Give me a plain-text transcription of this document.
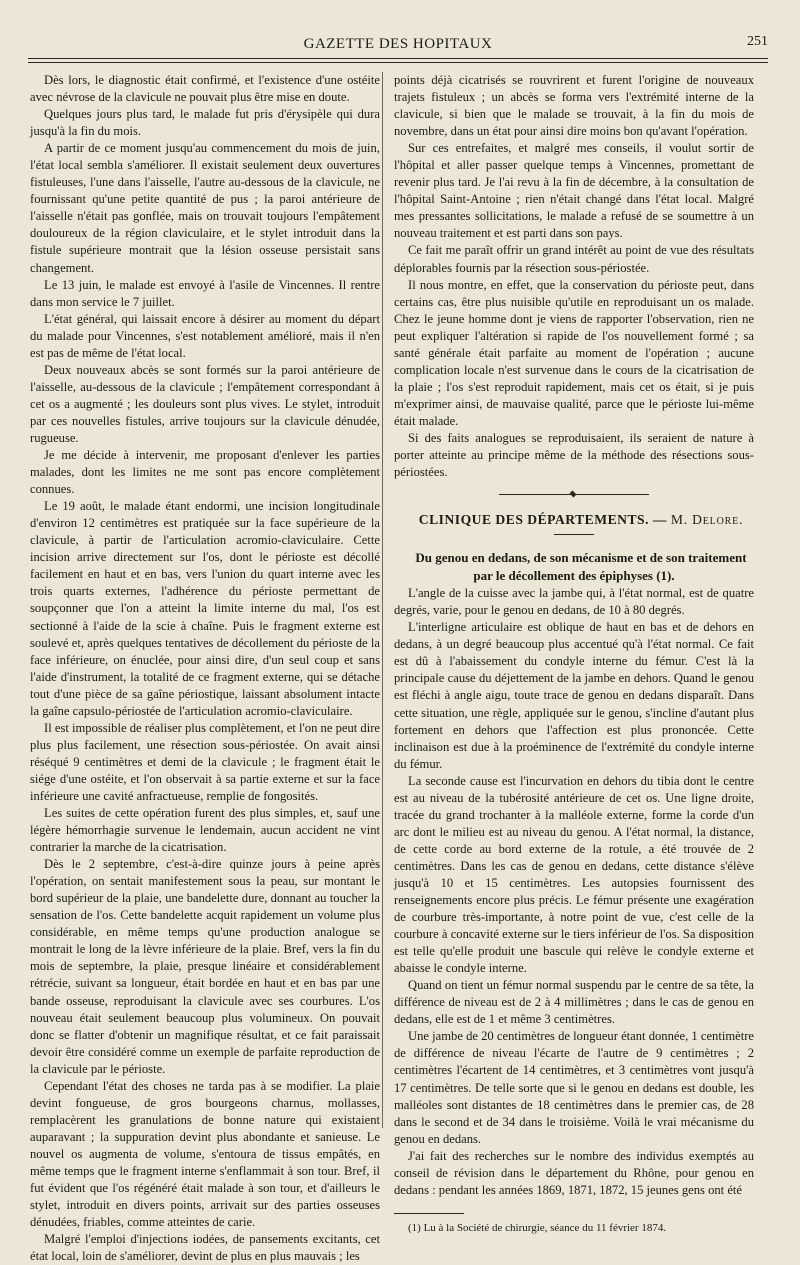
GAZETTE DES HOPITAUX	251

Dès lors, le diagnostic était confirmé, et l'existence d'une ostéite avec névrose de la clavicule ne pouvait plus être mise en doute.

Quelques jours plus tard, le malade fut pris d'érysipèle qui dura jusqu'à la fin du mois.

A partir de ce moment jusqu'au commencement du mois de juin, l'état local sembla s'améliorer. Il existait seulement deux ouvertures fistuleuses, l'une dans l'aisselle, l'autre au-dessous de la clavicule, ne fournissant qu'une petite quantité de pus ; la paroi antérieure de l'aisselle n'était pas gonflée, mais on trouvait toujours l'empâtement douloureux de la région claviculaire, et le stylet introduit dans la fistule supérieure montrait que la lésion osseuse persistait sans changement.

Le 13 juin, le malade est envoyé à l'asile de Vincennes. Il rentre dans mon service le 7 juillet.

L'état général, qui laissait encore à désirer au moment du départ du malade pour Vincennes, s'est notablement amélioré, mais il n'en est pas de même de l'état local.

Deux nouveaux abcès se sont formés sur la paroi antérieure de l'aisselle, au-dessous de la clavicule ; l'empâtement correspondant à cet os a augmenté ; les douleurs sont plus vives. Le stylet, introduit par ces nouvelles fistules, arrive toujours sur la clavicule dénudée, rugueuse.

Je me décide à intervenir, me proposant d'enlever les parties malades, dont les limites ne me sont pas encore complètement connues.

Le 19 août, le malade étant endormi, une incision longitudinale d'environ 12 centimètres est pratiquée sur la face supérieure de la clavicule, à partir de l'articulation acromio-claviculaire. Cette incision arrive directement sur l'os, dont le périoste est décollé facilement en haut et en bas, vers l'union du quart interne avec les trois quarts externes, l'adhérence du périoste permettant de soupçonner que l'on a atteint la limite interne du mal, l'os est sectionné à l'aide de la scie à chaîne. Puis le fragment externe est soulevé et, après quelques tentatives de décollement du périoste de la face inférieure, on énuclée, pour ainsi dire, d'un seul coup et sans l'aide d'instrument, la totalité de ce fragment externe, qui se détache tout d'une pièce de sa gaîne périostique, laissant absolument intacte la gaîne capsulo-périostée de l'articulation acromio-claviculaire.

Il est impossible de réaliser plus complètement, et l'on ne peut dire plus plus facilement, une résection sous-périostée. On avait ainsi réséqué 9 centimètres et demi de la clavicule ; le fragment était le siége d'une ostéite, et l'on observait à sa partie externe et sur la face inférieure une cavité anfractueuse, remplie de fongosités.

Les suites de cette opération furent des plus simples, et, sauf une légère hémorrhagie survenue le lendemain, aucun accident ne vint contrarier la marche de la cicatrisation.

Dès le 2 septembre, c'est-à-dire quinze jours à peine après l'opération, on sentait manifestement sous la peau, sur montant le bord supérieur de la plaie, une bandelette dure, donnant au toucher la sensation de l'os. Cette bandelette acquit rapidement un volume plus considérable, en même temps qu'une production analogue se montrait le long de la lèvre inférieure de la plaie. Bref, vers la fin du mois de septembre, la plaie, presque linéaire et considérablement rétrécie, suivant sa longueur, était bordée en haut et en bas par une bande osseuse, reproduisant la clavicule avec ses courbures. L'os nouveau était seulement beaucoup plus volumineux. On pouvait donc se flatter d'obtenir un magnifique résultat, et ce fait paraissait devoir être considéré comme un exemple de parfaite reproduction de la clavicule par le périoste.

Cependant l'état des choses ne tarda pas à se modifier. La plaie devint fongueuse, de gros bourgeons charnus, mollasses, remplacèrent les granulations de bonne nature qui existaient auparavant ; la suppuration devint plus abondante et sanieuse. Le nouvel os augmenta de volume, s'entoura de tissus empâtés, en même temps que le fragment interne s'enflammait à son tour. Bref, il fut évident que l'os régénéré était malade à son tour, et d'ailleurs le stylet, introduit en divers points, arrivait sur des parties osseuses dénudées, friables, comme atteintes de carie.

Malgré l'emploi d'injections iodées, de pansements excitants, cet état local, loin de s'améliorer, devint de plus en plus mauvais ; les

points déjà cicatrisés se rouvrirent et furent l'origine de nouveaux trajets fistuleux ; un abcès se forma vers l'extrémité interne de la clavicule, si bien que le malade se trouvait, à la fin du mois de novembre, dans un état pour ainsi dire moins bon qu'avant l'opération.

Sur ces entrefaites, et malgré mes conseils, il voulut sortir de l'hôpital et aller passer quelque temps à Vincennes, promettant de revenir plus tard. Je l'ai revu à la fin de décembre, à la consultation de l'hôpital Saint-Antoine ; rien n'était changé dans l'état local. Malgré mes pressantes sollicitations, le malade a refusé de se soumettre à un nouveau traitement et est parti dans son pays.

Ce fait me paraît offrir un grand intérêt au point de vue des résultats déplorables fournis par la résection sous-périostée.

Il nous montre, en effet, que la conservation du périoste peut, dans certains cas, être plus nuisible qu'utile en reproduisant un os malade. Chez le jeune homme dont je viens de rapporter l'observation, rien ne peut expliquer l'altération si rapide de l'os nouvellement formé ; sa santé générale était parfaite au moment de l'opération ; aucune complication locale n'est survenue dans le cours de la cicatrisation de la plaie ; l'os s'est reproduit rapidement, mais cet os était, si je puis m'exprimer ainsi, de mauvaise qualité, parce que le périoste lui-même était malade.

Si des faits analogues se reproduisaient, ils seraient de nature à porter atteinte au principe même de la méthode des résections sous-périostées.

CLINIQUE DES DÉPARTEMENTS. — M. Delore.

Du genou en dedans, de son mécanisme et de son traitement par le décollement des épiphyses (1).

L'angle de la cuisse avec la jambe qui, à l'état normal, est de quatre degrés, varie, pour le genou en dedans, de 10 à 80 degrés.

L'interligne articulaire est oblique de haut en bas et de dehors en dedans, à un degré beaucoup plus accentué qu'à l'état normal. Ce fait est dû à l'abaissement du condyle interne du fémur. C'est là la principale cause du déjettement de la jambe en dehors. Quand le genou est fléchi à angle aigu, toute trace de genou en dedans disparaît. Dans cette situation, une règle, appliquée sur le genou, s'incline d'autant plus fortement en dehors que l'affection est plus prononcée. Cette inclinaison est due à la proéminence de l'extrémité du condyle interne du fémur.

La seconde cause est l'incurvation en dehors du tibia dont le centre est au niveau de la tubérosité antérieure de cet os. Une ligne droite, tracée du grand trochanter à la malléole externe, forme la corde d'un arc dont le milieu est au niveau du genou. A l'état normal, la distance, de cette corde au bord externe de la rotule, a été trouvée de 2 centimètres. Dans les cas de genou en dedans, cette distance s'élève jusqu'à 10 et 15 centimètres. Les autopsies fournissent des renseignements encore plus précis. Le fémur présente une exagération de courbure très-importante, à notre point de vue, c'est celle de la courbure à concavité externe sur le tiers inférieur de l'os. Sa disposition est telle qu'elle produit une bascule qui relève le condyle externe et abaisse le condyle interne.

Quand on tient un fémur normal suspendu par le centre de sa tête, la différence de niveau est de 2 à 4 millimètres ; dans le cas de genou en dedans, elle est de 1 et même 3 centimètres.

Une jambe de 20 centimètres de longueur étant donnée, 1 centimètre de différence de niveau l'écarte de l'autre de 9 centimètres ; 2 centimètres l'écartent de 14 centimètres, et 3 centimètres vont jusqu'à 17 centimètres. De telle sorte que si le genou en dedans est double, les malléoles sont distantes de 18 centimètres dans le premier cas, de 28 dans le second et de 34 dans le troisième. Voilà le vrai mécanisme du genou en dedans.

J'ai fait des recherches sur le nombre des individus exemptés au conseil de révision dans le département du Rhône, pour genou en dedans : pendant les années 1869, 1871, 1872, 15 jeunes gens ont été

(1) Lu à la Société de chirurgie, séance du 11 février 1874.
